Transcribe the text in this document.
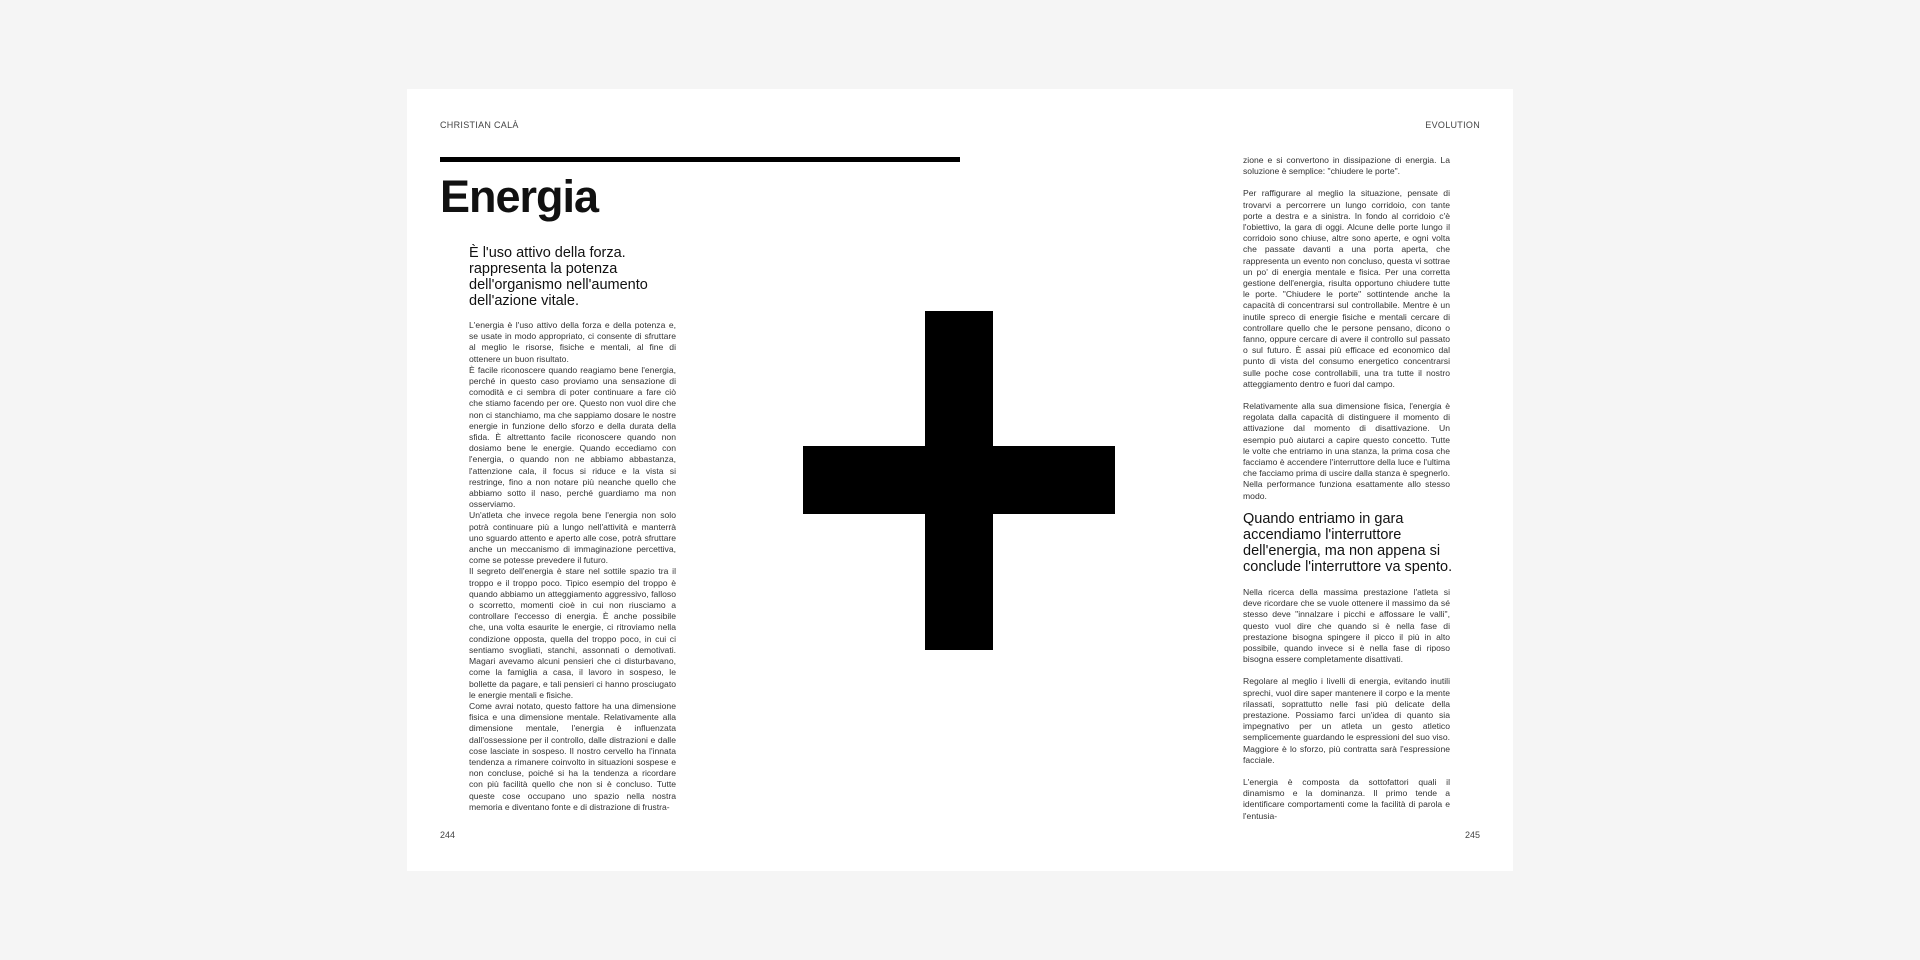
CHRISTIAN CALÀ	EVOLUTION
Energia

È l'uso attivo della forza. rappresenta la potenza dell'organismo nell'aumento dell'azione vitale.

L'energia è l'uso attivo della forza e della potenza e, se usate in modo appropriato, ci consente di sfruttare al meglio le risorse, fisiche e mentali, al fine di ottenere un buon risultato.

È facile riconoscere quando reagiamo bene l'energia, perché in questo caso proviamo una sensazione di comodità e ci sembra di poter continuare a fare ciò che stiamo facendo per ore. Questo non vuol dire che non ci stanchiamo, ma che sappiamo dosare le nostre energie in funzione dello sforzo e della durata della sfida. È altrettanto facile riconoscere quando non dosiamo bene le energie. Quando eccediamo con l'energia, o quando non ne abbiamo abbastanza, l'attenzione cala, il focus si riduce e la vista si restringe, fino a non notare più neanche quello che abbiamo sotto il naso, perché guardiamo ma non osserviamo.

Un'atleta che invece regola bene l'energia non solo potrà continuare più a lungo nell'attività e manterrà uno sguardo attento e aperto alle cose, potrà sfruttare anche un meccanismo di immaginazione percettiva, come se potesse prevedere il futuro.

Il segreto dell'energia è stare nel sottile spazio tra il troppo e il troppo poco. Tipico esempio del troppo è quando abbiamo un atteggiamento aggressivo, falloso o scorretto, momenti cioè in cui non riusciamo a controllare l'eccesso di energia. È anche possibile che, una volta esaurite le energie, ci ritroviamo nella condizione opposta, quella del troppo poco, in cui ci sentiamo svogliati, stanchi, assonnati o demotivati. Magari avevamo alcuni pensieri che ci disturbavano, come la famiglia a casa, il lavoro in sospeso, le bollette da pagare, e tali pensieri ci hanno prosciugato le energie mentali e fisiche.

Come avrai notato, questo fattore ha una dimensione fisica e una dimensione mentale. Relativamente alla dimensione mentale, l'energia è influenzata dall'ossessione per il controllo, dalle distrazioni e dalle cose lasciate in sospeso. Il nostro cervello ha l'innata tendenza a rimanere coinvolto in situazioni sospese e non concluse, poiché si ha la tendenza a ricordare con più facilità quello che non si è concluso. Tutte queste cose occupano uno spazio nella nostra memoria e diventano fonte e di distrazione di frustra-

zione e si convertono in dissipazione di energia. La soluzione è semplice: "chiudere le porte".

Per raffigurare al meglio la situazione, pensate di trovarvi a percorrere un lungo corridoio, con tante porte a destra e a sinistra. In fondo al corridoio c'è l'obiettivo, la gara di oggi. Alcune delle porte lungo il corridoio sono chiuse, altre sono aperte, e ogni volta che passate davanti a una porta aperta, che rappresenta un evento non concluso, questa vi sottrae un po' di energia mentale e fisica. Per una corretta gestione dell'energia, risulta opportuno chiudere tutte le porte. "Chiudere le porte" sottintende anche la capacità di concentrarsi sul controllabile. Mentre è un inutile spreco di energie fisiche e mentali cercare di controllare quello che le persone pensano, dicono o fanno, oppure cercare di avere il controllo sul passato o sul futuro. È assai più efficace ed economico dal punto di vista del consumo energetico concentrarsi sulle poche cose controllabili, una tra tutte il nostro atteggiamento dentro e fuori dal campo.

Relativamente alla sua dimensione fisica, l'energia è regolata dalla capacità di distinguere il momento di attivazione dal momento di disattivazione. Un esempio può aiutarci a capire questo concetto. Tutte le volte che entriamo in una stanza, la prima cosa che facciamo è accendere l'interruttore della luce e l'ultima che facciamo prima di uscire dalla stanza è spegnerlo. Nella performance funziona esattamente allo stesso modo.

Quando entriamo in gara accendiamo l'interruttore dell'energia, ma non appena si conclude l'interruttore va spento.

Nella ricerca della massima prestazione l'atleta si deve ricordare che se vuole ottenere il massimo da sé stesso deve "innalzare i picchi e affossare le valli", questo vuol dire che quando si è nella fase di prestazione bisogna spingere il picco il più in alto possibile, quando invece si è nella fase di riposo bisogna essere completamente disattivati.

Regolare al meglio i livelli di energia, evitando inutili sprechi, vuol dire saper mantenere il corpo e la mente rilassati, soprattutto nelle fasi più delicate della prestazione. Possiamo farci un'idea di quanto sia impegnativo per un atleta un gesto atletico semplicemente guardando le espressioni del suo viso. Maggiore è lo sforzo, più contratta sarà l'espressione facciale.

L'energia è composta da sottofattori quali il dinamismo e la dominanza. Il primo tende a identificare comportamenti come la facilità di parola e l'entusia-

244	245
